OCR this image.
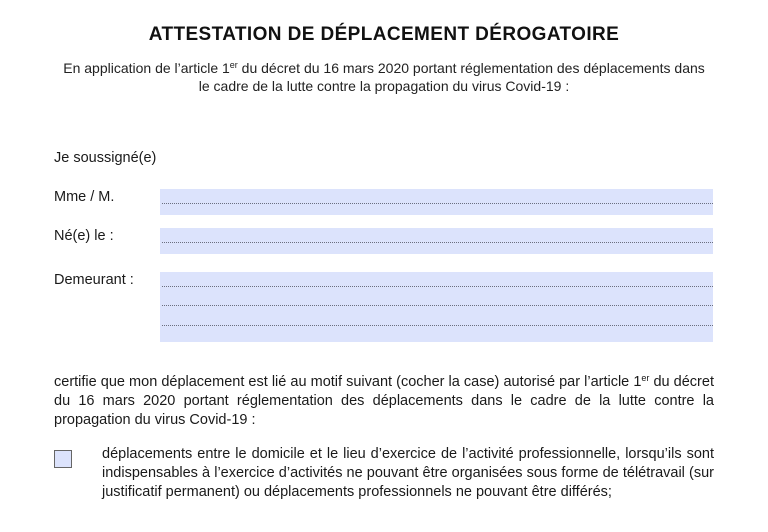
ATTESTATION DE DÉPLACEMENT DÉROGATOIRE
En application de l’article 1er du décret du 16 mars 2020 portant réglementation des déplacements dans le cadre de la lutte contre la propagation du virus Covid-19 :
Je soussigné(e)
Mme / M.
Né(e) le :
Demeurant :
certifie que mon déplacement est lié au motif suivant (cocher la case) autorisé par l’article 1er du décret du 16 mars 2020 portant réglementation des déplacements dans le cadre de la lutte contre la propagation du virus Covid-19 :
déplacements entre le domicile et le lieu d’exercice de l’activité professionnelle, lorsqu’ils sont indispensables à l’exercice d’activités ne pouvant être organisées sous forme de télétravail (sur justificatif permanent) ou déplacements professionnels ne pouvant être différés;
